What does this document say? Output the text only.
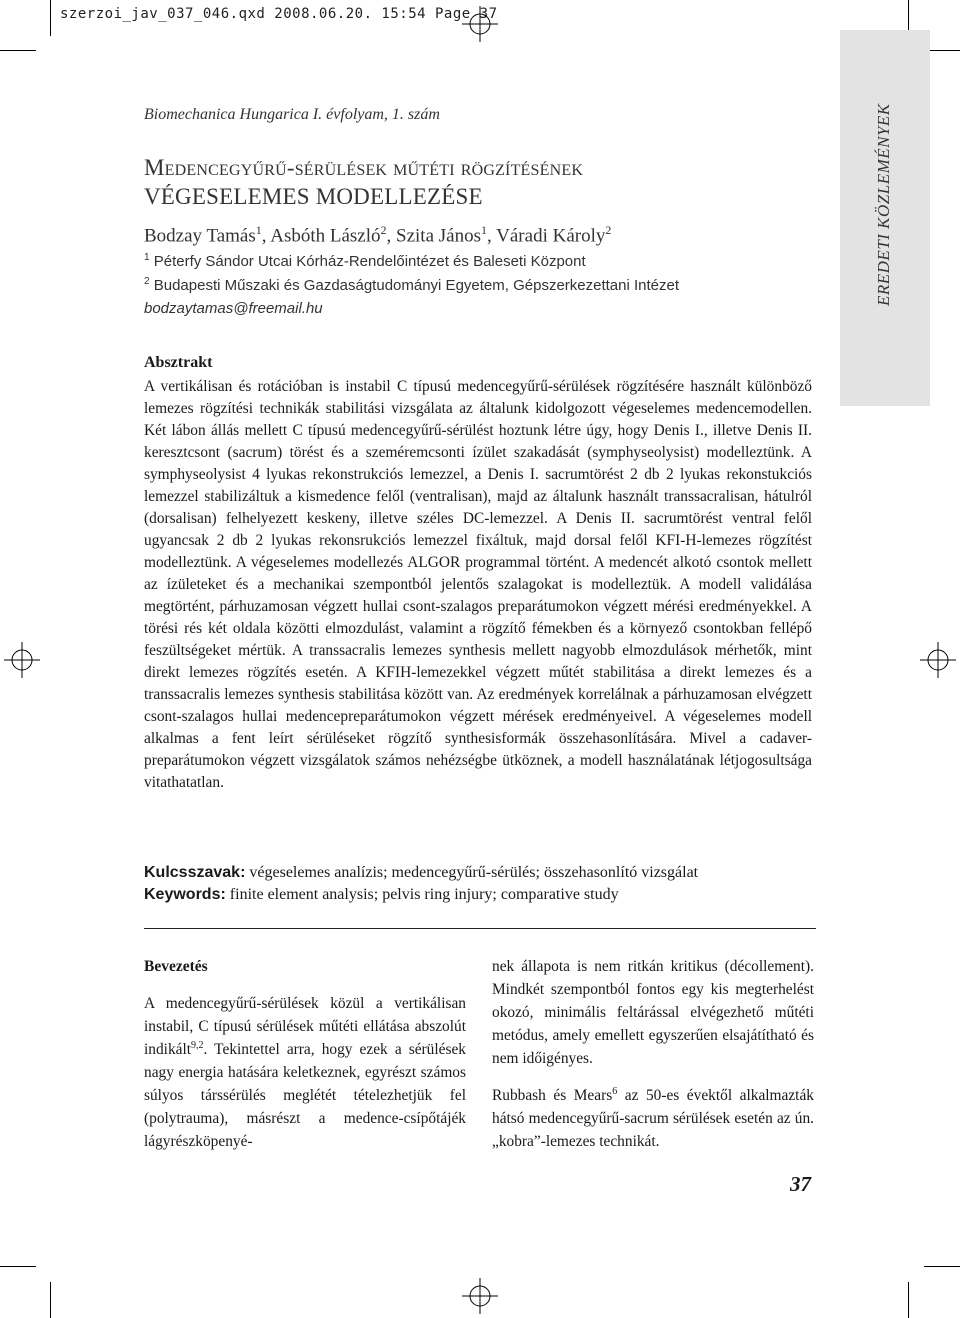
szerzoi_jav_037_046.qxd 2008.06.20. 15:54 Page 37
EREDETI KÖZLEMÉNYEK
Biomechanica Hungarica I. évfolyam, 1. szám
Medencegyűrű-sérülések műtéti rögzítésének
VÉGESELEMES MODELLEZÉSE
Bodzay Tamás$^1$, Asbóth László$^2$, Szita János$^1$, Váradi Károly$^2$
$^1$ Péterfy Sándor Utcai Kórház-Rendelőintézet és Baleseti Központ
$^2$ Budapesti Műszaki és Gazdaságtudományi Egyetem, Gépszerkezettani Intézet
bodzaytamas@freemail.hu
Absztrakt
A vertikálisan és rotációban is instabil C típusú medencegyűrű-sérülések rögzítésére használt különböző lemezes rögzítési technikák stabilitási vizsgálata az általunk kidolgozott végeselemes medencemodellen. Két lábon állás mellett C típusú medencegyűrű-sérülést hoztunk létre úgy, hogy Denis I., illetve Denis II. keresztcsont (sacrum) törést és a szeméremcsonti ízület szakadását (symphyseolysist) modelleztünk. A symphyseolysist 4 lyukas rekonstrukciós lemezzel, a Denis I. sacrumtörést 2 db 2 lyukas rekonstukciós lemezzel stabilizáltuk a kismedence felől (ventralisan), majd az általunk használt transsacralisan, hátulról (dorsalisan) felhelyezett keskeny, illetve széles DC-lemezzel. A Denis II. sacrumtörést ventral felől ugyancsak 2 db 2 lyukas rekonsrukciós lemezzel fixáltuk, majd dorsal felől KFI-H-lemezes rögzítést modelleztünk. A végeselemes modellezés ALGOR programmal történt. A medencét alkotó csontok mellett az ízületeket és a mechanikai szempontból jelentős szalagokat is modelleztük. A modell validálása megtörtént, párhuzamosan végzett hullai csont-szalagos preparátumokon végzett mérési eredményekkel. A törési rés két oldala közötti elmozdulást, valamint a rögzítő fémekben és a környező csontokban fellépő feszültségeket mértük. A transsacralis lemezes synthesis mellett nagyobb elmozdulások mérhetők, mint direkt lemezes rögzítés esetén. A KFIH-lemezekkel végzett műtét stabilitása a direkt lemezes és a transsacralis lemezes synthesis stabilitása között van. Az eredmények korrelálnak a párhuzamosan elvégzett csont-szalagos hullai medencepreparátumokon végzett mérések eredményeivel. A végeselemes modell alkalmas a fent leírt sérüléseket rögzítő synthesisformák összehasonlítására. Mivel a cadaver-preparátumokon végzett vizsgálatok számos nehézségbe ütköznek, a modell használatának létjogosultsága vitathatatlan.
Kulcsszavak: végeselemes analízis; medencegyűrű-sérülés; összehasonlító vizsgálat
Keywords: finite element analysis; pelvis ring injury; comparative study
Bevezetés

A medencegyűrű-sérülések közül a vertikálisan instabil, C típusú sérülések műtéti ellátása abszolút indikált$^{9,2}$. Tekintettel arra, hogy ezek a sérülések nagy energia hatására keletkeznek, egyrészt számos súlyos társsérülés meglétét tételezhetjük fel (polytrauma), másrészt a medence-csípőtájék lágyrészköpenyé-

nek állapota is nem ritkán kritikus (décollement). Mindkét szempontból fontos egy kis megterhelést okozó, minimális feltárással elvégezhető műtéti metódus, amely emellett egyszerűen elsajátítható és nem időigényes.

Rubbash és Mears$^6$ az 50-es évektől alkalmazták hátsó medencegyűrű-sacrum sérülések esetén az ún. „kobra”-lemezes technikát.

37
